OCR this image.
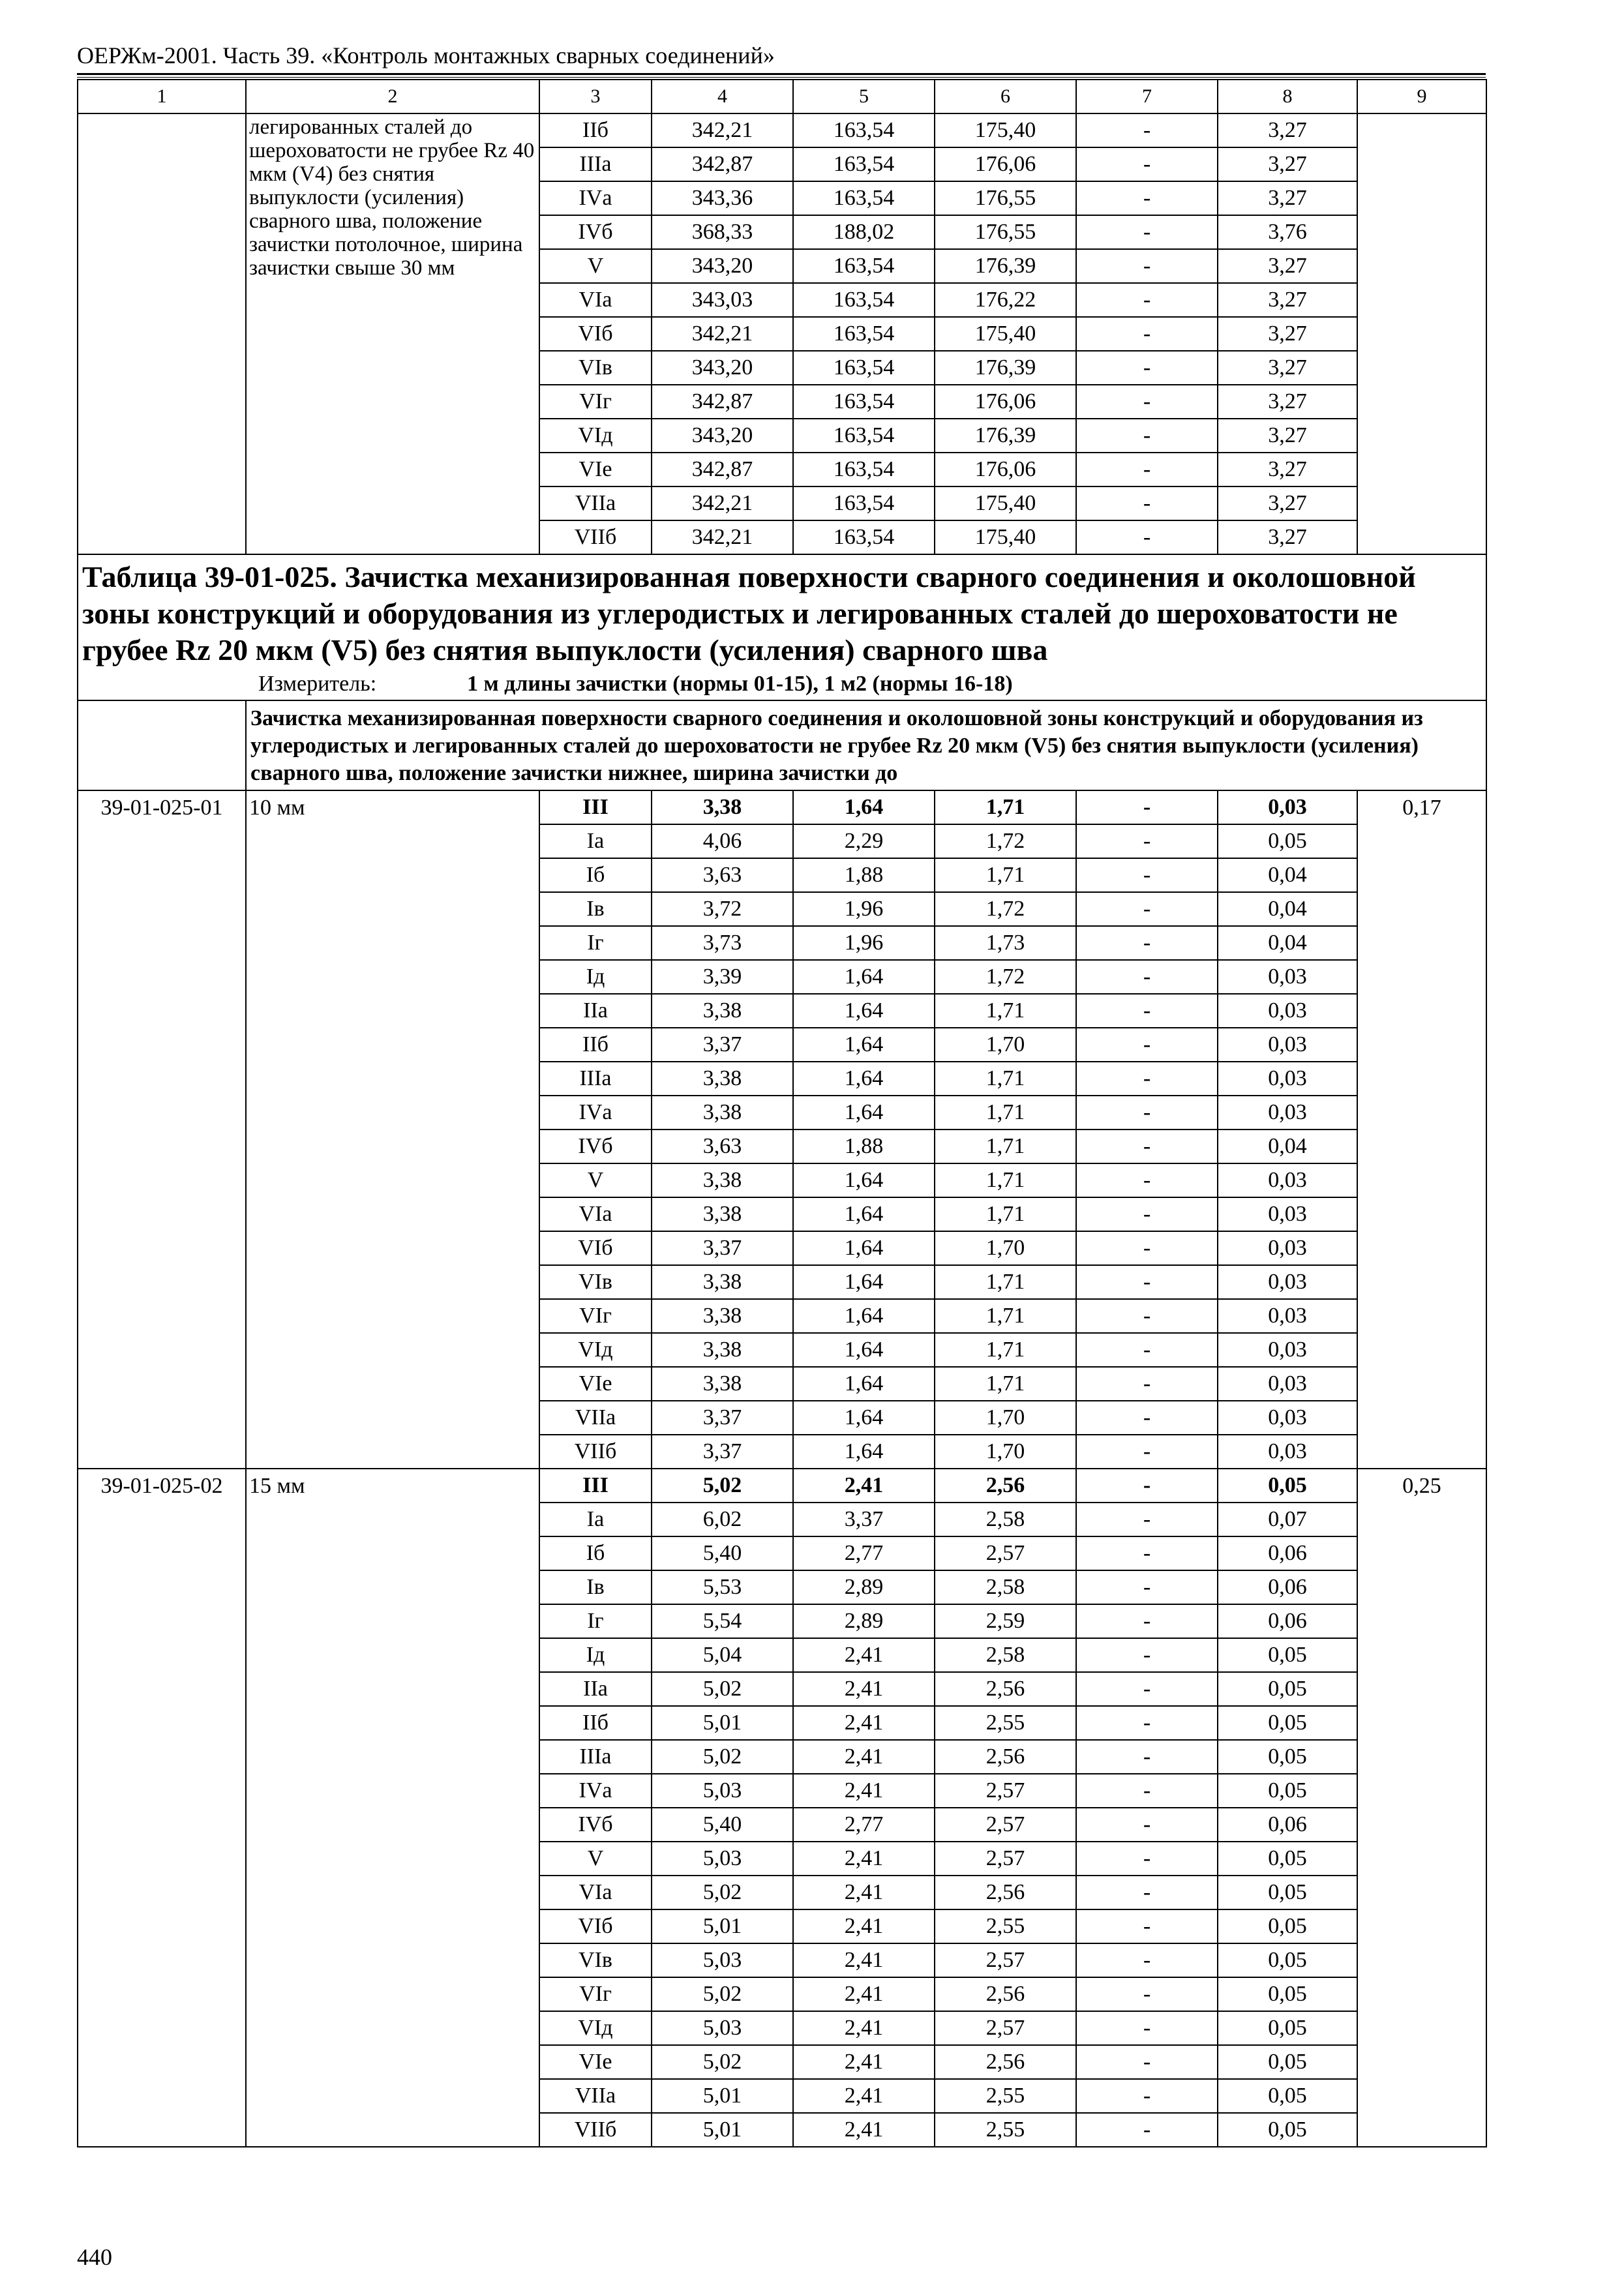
ОЕРЖм-2001. Часть 39. «Контроль монтажных сварных соединений»
1	2	3	4	5	6	7	8	9
	легированных сталей до шероховатости не грубее Rz 40 мкм (V4) без снятия выпуклости (усиления) сварного шва, положение зачистки потолочное, ширина зачистки свыше 30 мм	IIб	342,21	163,54	175,40	-	3,27	
		IIIа	342,87	163,54	176,06	-	3,27	
		IVа	343,36	163,54	176,55	-	3,27	
		IVб	368,33	188,02	176,55	-	3,76	
		V	343,20	163,54	176,39	-	3,27	
		VIа	343,03	163,54	176,22	-	3,27	
		VIб	342,21	163,54	175,40	-	3,27	
		VIв	343,20	163,54	176,39	-	3,27	
		VIг	342,87	163,54	176,06	-	3,27	
		VIд	343,20	163,54	176,39	-	3,27	
		VIе	342,87	163,54	176,06	-	3,27	
		VIIа	342,21	163,54	175,40	-	3,27	
		VIIб	342,21	163,54	175,40	-	3,27	

Таблица 39-01-025. Зачистка механизированная поверхности сварного соединения и околошовной зоны конструкций и оборудования из углеродистых и легированных сталей до шероховатости не грубее Rz 20 мкм (V5) без снятия выпуклости (усиления) сварного шва
Измеритель: 1 м длины зачистки (нормы 01-15), 1 м2 (нормы 16-18)								

	Зачистка механизированная поверхности сварного соединения и околошовной зоны конструкций и оборудования из углеродистых и легированных сталей до шероховатости не грубее Rz 20 мкм (V5) без снятия выпуклости (усиления) сварного шва, положение зачистки нижнее, ширина зачистки до							
39-01-025-01	10 мм	III	3,38	1,64	1,71	-	0,03	0,17
		Iа	4,06	2,29	1,72	-	0,05	
		Iб	3,63	1,88	1,71	-	0,04	
		Iв	3,72	1,96	1,72	-	0,04	
		Iг	3,73	1,96	1,73	-	0,04	
		Iд	3,39	1,64	1,72	-	0,03	
		IIа	3,38	1,64	1,71	-	0,03	
		IIб	3,37	1,64	1,70	-	0,03	
		IIIа	3,38	1,64	1,71	-	0,03	
		IVа	3,38	1,64	1,71	-	0,03	
		IVб	3,63	1,88	1,71	-	0,04	
		V	3,38	1,64	1,71	-	0,03	
		VIа	3,38	1,64	1,71	-	0,03	
		VIб	3,37	1,64	1,70	-	0,03	
		VIв	3,38	1,64	1,71	-	0,03	
		VIг	3,38	1,64	1,71	-	0,03	
		VIд	3,38	1,64	1,71	-	0,03	
		VIе	3,38	1,64	1,71	-	0,03	
		VIIа	3,37	1,64	1,70	-	0,03	
		VIIб	3,37	1,64	1,70	-	0,03	
39-01-025-02	15 мм	III	5,02	2,41	2,56	-	0,05	0,25
		Iа	6,02	3,37	2,58	-	0,07	
		Iб	5,40	2,77	2,57	-	0,06	
		Iв	5,53	2,89	2,58	-	0,06	
		Iг	5,54	2,89	2,59	-	0,06	
		Iд	5,04	2,41	2,58	-	0,05	
		IIа	5,02	2,41	2,56	-	0,05	
		IIб	5,01	2,41	2,55	-	0,05	
		IIIа	5,02	2,41	2,56	-	0,05	
		IVа	5,03	2,41	2,57	-	0,05	
		IVб	5,40	2,77	2,57	-	0,06	
		V	5,03	2,41	2,57	-	0,05	
		VIа	5,02	2,41	2,56	-	0,05	
		VIб	5,01	2,41	2,55	-	0,05	
		VIв	5,03	2,41	2,57	-	0,05	
		VIг	5,02	2,41	2,56	-	0,05	
		VIд	5,03	2,41	2,57	-	0,05	
		VIе	5,02	2,41	2,56	-	0,05	
		VIIа	5,01	2,41	2,55	-	0,05	
		VIIб	5,01	2,41	2,55	-	0,05	
440
